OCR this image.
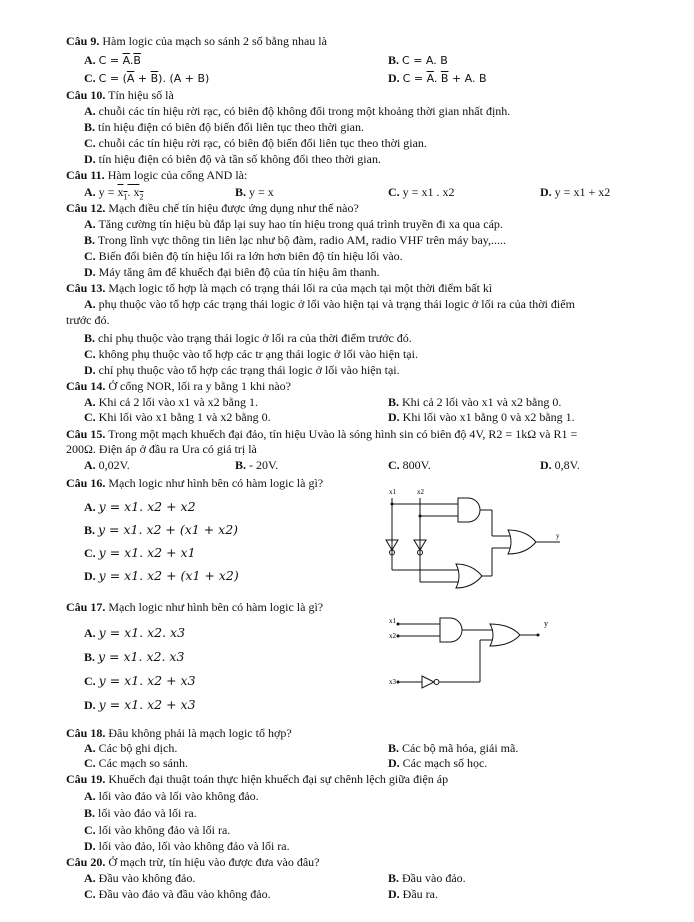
Câu 9. Hàm logic của mạch so sánh 2 số bằng nhau là
A. $C = \overline{A}.\overline{B}$	B. C = A. B
C. $C = (\overline{A} + \overline{B})$. (A + B)	D. $C = \overline{A}$. $\overline{B} + A$. B
Câu 10. Tín hiệu số là
A. chuỗi các tín hiệu rời rạc, có biên độ không đổi trong một khoảng thời gian nhất định.
B. tín hiệu điện có biên độ biến đổi liên tục theo thời gian.
C. chuỗi các tín hiệu rời rạc, có biên độ biến đổi liên tục theo thời gian.
D. tín hiệu điện có biên độ và tần số không đổi theo thời gian.
Câu 11. Hàm logic của cổng AND là:
A. $y = x_1$. $x_2$	B. y = x	C. y = x1 . x2	D. y = x1 + x2
Câu 12. Mạch điều chế tín hiệu được ứng dụng như thế nào?
A. Tăng cường tín hiệu bù đắp lại suy hao tín hiệu trong quá trình truyền đi xa qua cáp.
B. Trong lĩnh vực thông tin liên lạc như bộ đàm, radio AM, radio VHF trên máy bay,.....
C. Biến đổi biên độ tín hiệu lối ra lớn hơn biên độ tín hiệu lối vào.
D. Máy tăng âm để khuếch đại biên độ của tín hiệu âm thanh.
Câu 13. Mạch logic tổ hợp là mạch có trạng thái lối ra của mạch tại một thời điểm bất kì
A. phụ thuộc vào tổ hợp các trạng thái logic ở lối vào hiện tại và trạng thái logic ở lối ra của thời điểm
trước đó.
B. chỉ phụ thuộc vào trạng thái logic ở lối ra của thời điểm trước đó.
C. không phụ thuộc vào tổ hợp các tr ạng thái logic ở lối vào hiện tại.
D. chỉ phụ thuộc vào tổ hợp các trạng thái logic ở lối vào hiện tại.
Câu 14. Ở cổng NOR, lối ra y bằng 1 khi nào?
A. Khi cả 2 lối vào x1 và x2 bằng 1.	B. Khi cả 2 lối vào x1 và x2 bằng 0.
C. Khi lối vào x1 bằng 1 và x2 bằng 0.	D. Khi lối vào x1 bằng 0 và x2 bằng 1.
Câu 15. Trong một mạch khuếch đại đảo, tín hiệu Uvào là sóng hình sin có biên độ 4V, R2 = 1kΩ và R1 =
200Ω. Điện áp ở đầu ra Ura có giá trị là
A. 0,02V.	B. - 20V.	C. 800V.	D. 0,8V.
Câu 16. Mạch logic như hình bên có hàm logic là gì?
A. y = x1. x2 + x2
B. y = x1. x2 + (x1 + x2)
C. y = x1. x2 + x1
D. y = x1. x2 + (x1 + x2)
x1	x2
y
Câu 17. Mạch logic như hình bên có hàm logic là gì?
A. y = x1. x2. x3
B. y = x1. x2. x3
C. y = x1. x2 + x3
D. y = x1. x2 + x3
x1
x2
x3
y
Câu 18. Đâu không phải là mạch logic tổ hợp?
A. Các bộ ghi dịch.	B. Các bộ mã hóa, giải mã.
C. Các mạch so sánh.	D. Các mạch số học.
Câu 19. Khuếch đại thuật toán thực hiện khuếch đại sự chênh lệch giữa điện áp
A. lối vào đảo và lối vào không đảo.
B. lối vào đảo và lối ra.
C. lối vào không đảo và lối ra.
D. lối vào đảo, lối vào không đảo và lối ra.
Câu 20. Ở mạch trừ, tín hiệu vào được đưa vào đâu?
A. Đầu vào không đảo.	B. Đầu vào đảo.
C. Đầu vào đảo và đầu vào không đảo.	D. Đầu ra.
